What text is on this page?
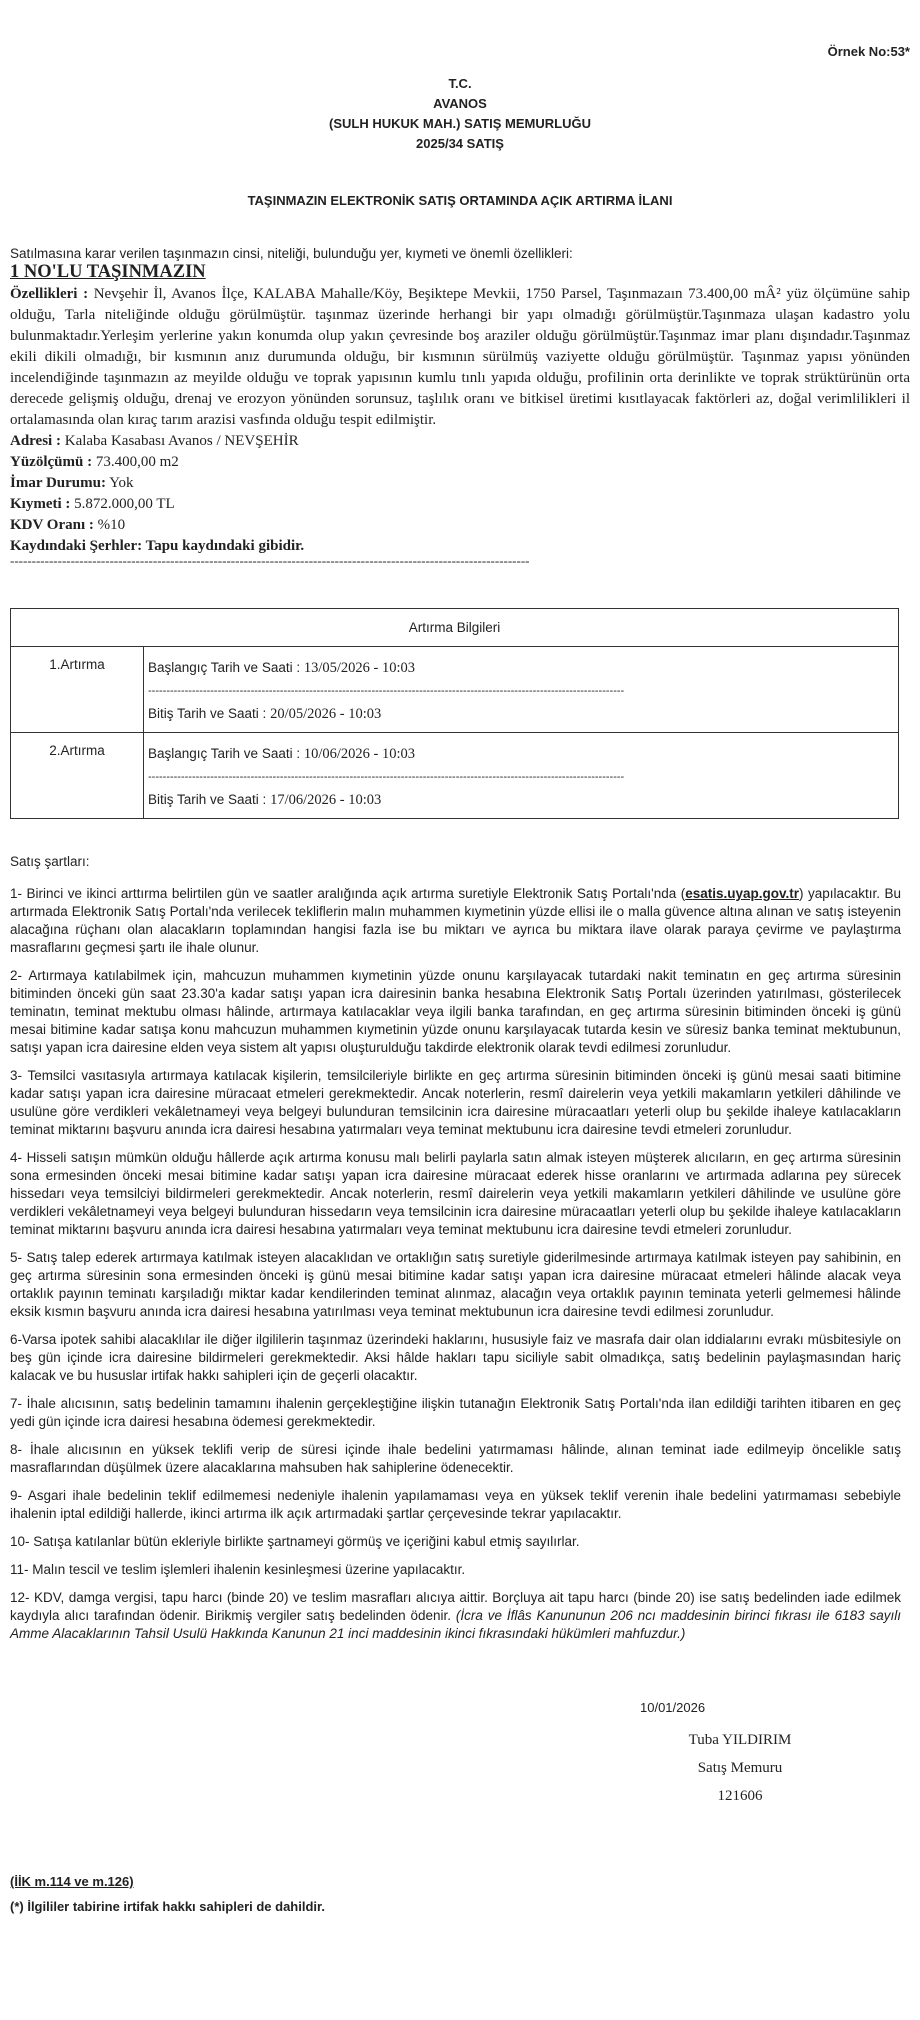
Örnek No:53*
T.C.
AVANOS
(SULH HUKUK MAH.) SATIŞ MEMURLUĞU
2025/34 SATIŞ
TAŞINMAZIN ELEKTRONİK SATIŞ ORTAMINDA AÇIK ARTIRMA İLANI
Satılmasına karar verilen taşınmazın cinsi, niteliği, bulunduğu yer, kıymeti ve önemli özellikleri:
1 NO'LU TAŞINMAZIN

Özellikleri : Nevşehir İl, Avanos İlçe, KALABA Mahalle/Köy, Beşiktepe Mevkii, 1750 Parsel, Taşınmazaın 73.400,00 mÂ² yüz ölçümüne sahip olduğu, Tarla niteliğinde olduğu görülmüştür. taşınmaz üzerinde herhangi bir yapı olmadığı görülmüştür.Taşınmaza ulaşan kadastro yolu bulunmaktadır.Yerleşim yerlerine yakın konumda olup yakın çevresinde boş araziler olduğu görülmüştür.Taşınmaz imar planı dışındadır.Taşınmaz ekili dikili olmadığı, bir kısmının anız durumunda olduğu, bir kısmının sürülmüş vaziyette olduğu görülmüştür. Taşınmaz yapısı yönünden incelendiğinde taşınmazın az meyilde olduğu ve toprak yapısının kumlu tınlı yapıda olduğu, profilinin orta derinlikte ve toprak strüktürünün orta derecede gelişmiş olduğu, drenaj ve erozyon yönünden sorunsuz, taşlılık oranı ve bitkisel üretimi kısıtlayacak faktörleri az, doğal verimlilikleri il ortalamasında olan kıraç tarım arazisi vasfında olduğu tespit edilmiştir.

Adresi : Kalaba Kasabası Avanos / NEVŞEHİR

Yüzölçümü : 73.400,00 m2

İmar Durumu: Yok

Kıymeti : 5.872.000,00 TL

KDV Oranı : %10

Kaydındaki Şerhler: Tapu kaydındaki gibidir.

------------------------------------------------------------------------------------------------------------------------
Artırma Bilgileri	
1.Artırma	Başlangıç Tarih ve Saati : 13/05/2026 - 10:03
----------------------------------------------------------------------------------------------------------------------------------
Bitiş Tarih ve Saati : 20/05/2026 - 10:03

2.Artırma	Başlangıç Tarih ve Saati : 10/06/2026 - 10:03
----------------------------------------------------------------------------------------------------------------------------------
Bitiş Tarih ve Saati : 17/06/2026 - 10:03

Satış şartları:

1- Birinci ve ikinci arttırma belirtilen gün ve saatler aralığında açık artırma suretiyle Elektronik Satış Portalı'nda (esatis.uyap.gov.tr) yapılacaktır. Bu artırmada Elektronik Satış Portalı'nda verilecek tekliflerin malın muhammen kıymetinin yüzde ellisi ile o malla güvence altına alınan ve satış isteyenin alacağına rüçhanı olan alacakların toplamından hangisi fazla ise bu miktarı ve ayrıca bu miktara ilave olarak paraya çevirme ve paylaştırma masraflarını geçmesi şartı ile ihale olunur.

2- Artırmaya katılabilmek için, mahcuzun muhammen kıymetinin yüzde onunu karşılayacak tutardaki nakit teminatın en geç artırma süresinin bitiminden önceki gün saat 23.30'a kadar satışı yapan icra dairesinin banka hesabına Elektronik Satış Portalı üzerinden yatırılması, gösterilecek teminatın, teminat mektubu olması hâlinde, artırmaya katılacaklar veya ilgili banka tarafından, en geç artırma süresinin bitiminden önceki iş günü mesai bitimine kadar satışa konu mahcuzun muhammen kıymetinin yüzde onunu karşılayacak tutarda kesin ve süresiz banka teminat mektubunun, satışı yapan icra dairesine elden veya sistem alt yapısı oluşturulduğu takdirde elektronik olarak tevdi edilmesi zorunludur.

3- Temsilci vasıtasıyla artırmaya katılacak kişilerin, temsilcileriyle birlikte en geç artırma süresinin bitiminden önceki iş günü mesai saati bitimine kadar satışı yapan icra dairesine müracaat etmeleri gerekmektedir. Ancak noterlerin, resmî dairelerin veya yetkili makamların yetkileri dâhilinde ve usulüne göre verdikleri vekâletnameyi veya belgeyi bulunduran temsilcinin icra dairesine müracaatları yeterli olup bu şekilde ihaleye katılacakların teminat miktarını başvuru anında icra dairesi hesabına yatırmaları veya teminat mektubunu icra dairesine tevdi etmeleri zorunludur.

4- Hisseli satışın mümkün olduğu hâllerde açık artırma konusu malı belirli paylarla satın almak isteyen müşterek alıcıların, en geç artırma süresinin sona ermesinden önceki mesai bitimine kadar satışı yapan icra dairesine müracaat ederek hisse oranlarını ve artırmada adlarına pey sürecek hissedarı veya temsilciyi bildirmeleri gerekmektedir. Ancak noterlerin, resmî dairelerin veya yetkili makamların yetkileri dâhilinde ve usulüne göre verdikleri vekâletnameyi veya belgeyi bulunduran hissedarın veya temsilcinin icra dairesine müracaatları yeterli olup bu şekilde ihaleye katılacakların teminat miktarını başvuru anında icra dairesi hesabına yatırmaları veya teminat mektubunu icra dairesine tevdi etmeleri zorunludur.

5- Satış talep ederek artırmaya katılmak isteyen alacaklıdan ve ortaklığın satış suretiyle giderilmesinde artırmaya katılmak isteyen pay sahibinin, en geç artırma süresinin sona ermesinden önceki iş günü mesai bitimine kadar satışı yapan icra dairesine müracaat etmeleri hâlinde alacak veya ortaklık payının teminatı karşıladığı miktar kadar kendilerinden teminat alınmaz, alacağın veya ortaklık payının teminata yeterli gelmemesi hâlinde eksik kısmın başvuru anında icra dairesi hesabına yatırılması veya teminat mektubunun icra dairesine tevdi edilmesi zorunludur.

6-Varsa ipotek sahibi alacaklılar ile diğer ilgililerin taşınmaz üzerindeki haklarını, hususiyle faiz ve masrafa dair olan iddialarını evrakı müsbitesiyle on beş gün içinde icra dairesine bildirmeleri gerekmektedir. Aksi hâlde hakları tapu siciliyle sabit olmadıkça, satış bedelinin paylaşmasından hariç kalacak ve bu hususlar irtifak hakkı sahipleri için de geçerli olacaktır.

7- İhale alıcısının, satış bedelinin tamamını ihalenin gerçekleştiğine ilişkin tutanağın Elektronik Satış Portalı'nda ilan edildiği tarihten itibaren en geç yedi gün içinde icra dairesi hesabına ödemesi gerekmektedir.

8- İhale alıcısının en yüksek teklifi verip de süresi içinde ihale bedelini yatırmaması hâlinde, alınan teminat iade edilmeyip öncelikle satış masraflarından düşülmek üzere alacaklarına mahsuben hak sahiplerine ödenecektir.

9- Asgari ihale bedelinin teklif edilmemesi nedeniyle ihalenin yapılamaması veya en yüksek teklif verenin ihale bedelini yatırmaması sebebiyle ihalenin iptal edildiği hallerde, ikinci artırma ilk açık artırmadaki şartlar çerçevesinde tekrar yapılacaktır.

10- Satışa katılanlar bütün ekleriyle birlikte şartnameyi görmüş ve içeriğini kabul etmiş sayılırlar.

11- Malın tescil ve teslim işlemleri ihalenin kesinleşmesi üzerine yapılacaktır.

12- KDV, damga vergisi, tapu harcı (binde 20) ve teslim masrafları alıcıya aittir. Borçluya ait tapu harcı (binde 20) ise satış bedelinden iade edilmek kaydıyla alıcı tarafından ödenir. Birikmiş vergiler satış bedelinden ödenir. (İcra ve İflâs Kanununun 206 ncı maddesinin birinci fıkrası ile 6183 sayılı Amme Alacaklarının Tahsil Usulü Hakkında Kanunun 21 inci maddesinin ikinci fıkrasındaki hükümleri mahfuzdur.)

10/01/2026
Tuba YILDIRIM
Satış Memuru
121606
(İİK m.114 ve m.126)
(*) İlgililer tabirine irtifak hakkı sahipleri de dahildir.
